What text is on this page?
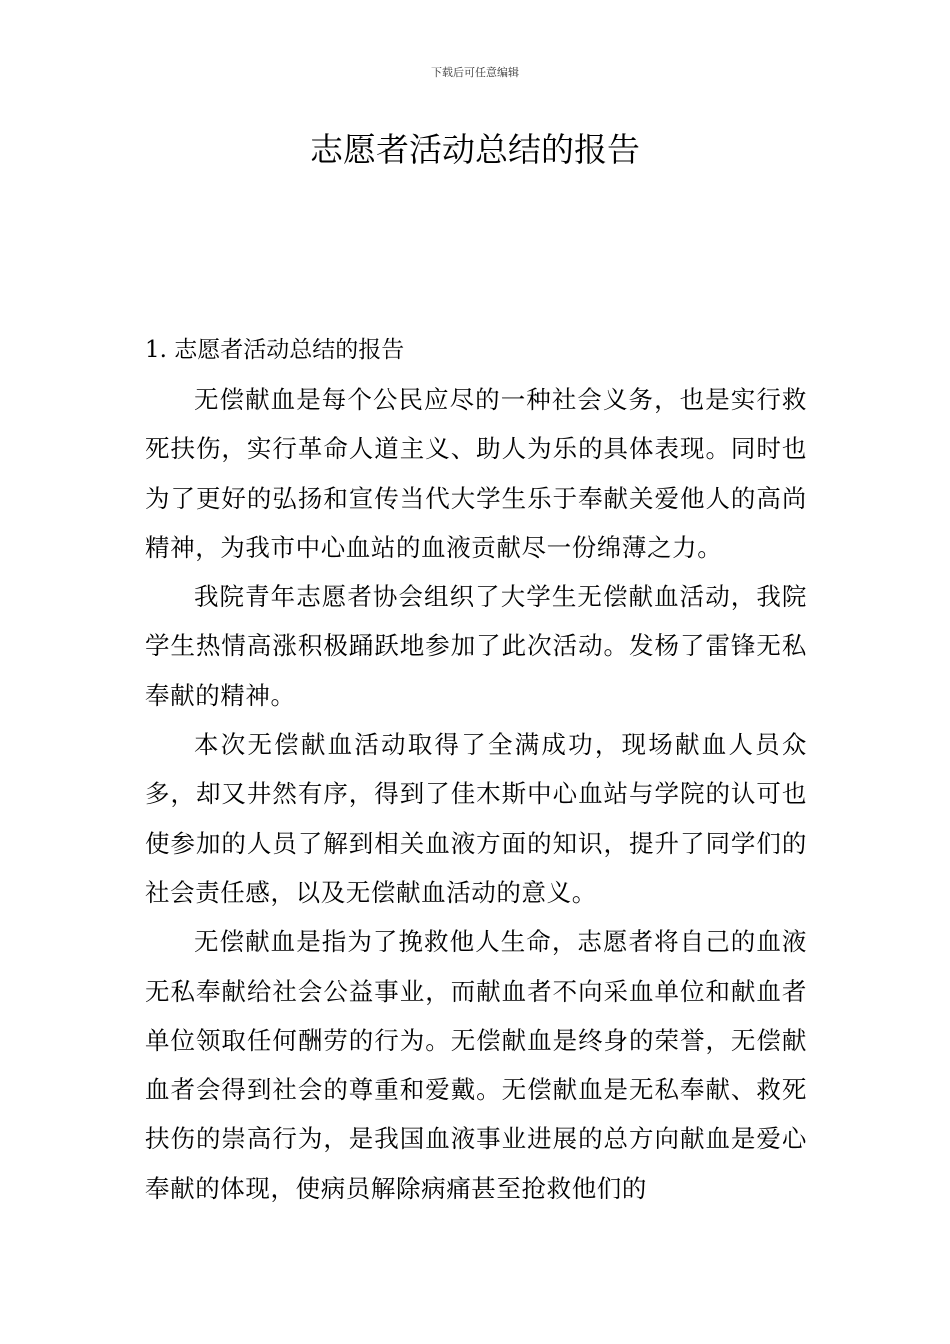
下载后可任意编辑
志愿者活动总结的报告
1. 志愿者活动总结的报告

无偿献血是每个公民应尽的一种社会义务，也是实行救死扶伤，实行革命人道主义、助人为乐的具体表现。同时也为了更好的弘扬和宣传当代大学生乐于奉献关爱他人的高尚精神，为我市中心血站的血液贡献尽一份绵薄之力。

我院青年志愿者协会组织了大学生无偿献血活动，我院学生热情高涨积极踊跃地参加了此次活动。发杨了雷锋无私奉献的精神。

本次无偿献血活动取得了全满成功，现场献血人员众多，却又井然有序，得到了佳木斯中心血站与学院的认可也使参加的人员了解到相关血液方面的知识，提升了同学们的社会责任感，以及无偿献血活动的意义。

无偿献血是指为了挽救他人生命，志愿者将自己的血液无私奉献给社会公益事业，而献血者不向采血单位和献血者单位领取任何酬劳的行为。无偿献血是终身的荣誉，无偿献血者会得到社会的尊重和爱戴。无偿献血是无私奉献、救死扶伤的崇高行为，是我国血液事业进展的总方向献血是爱心奉献的体现，使病员解除病痛甚至抢救他们的
